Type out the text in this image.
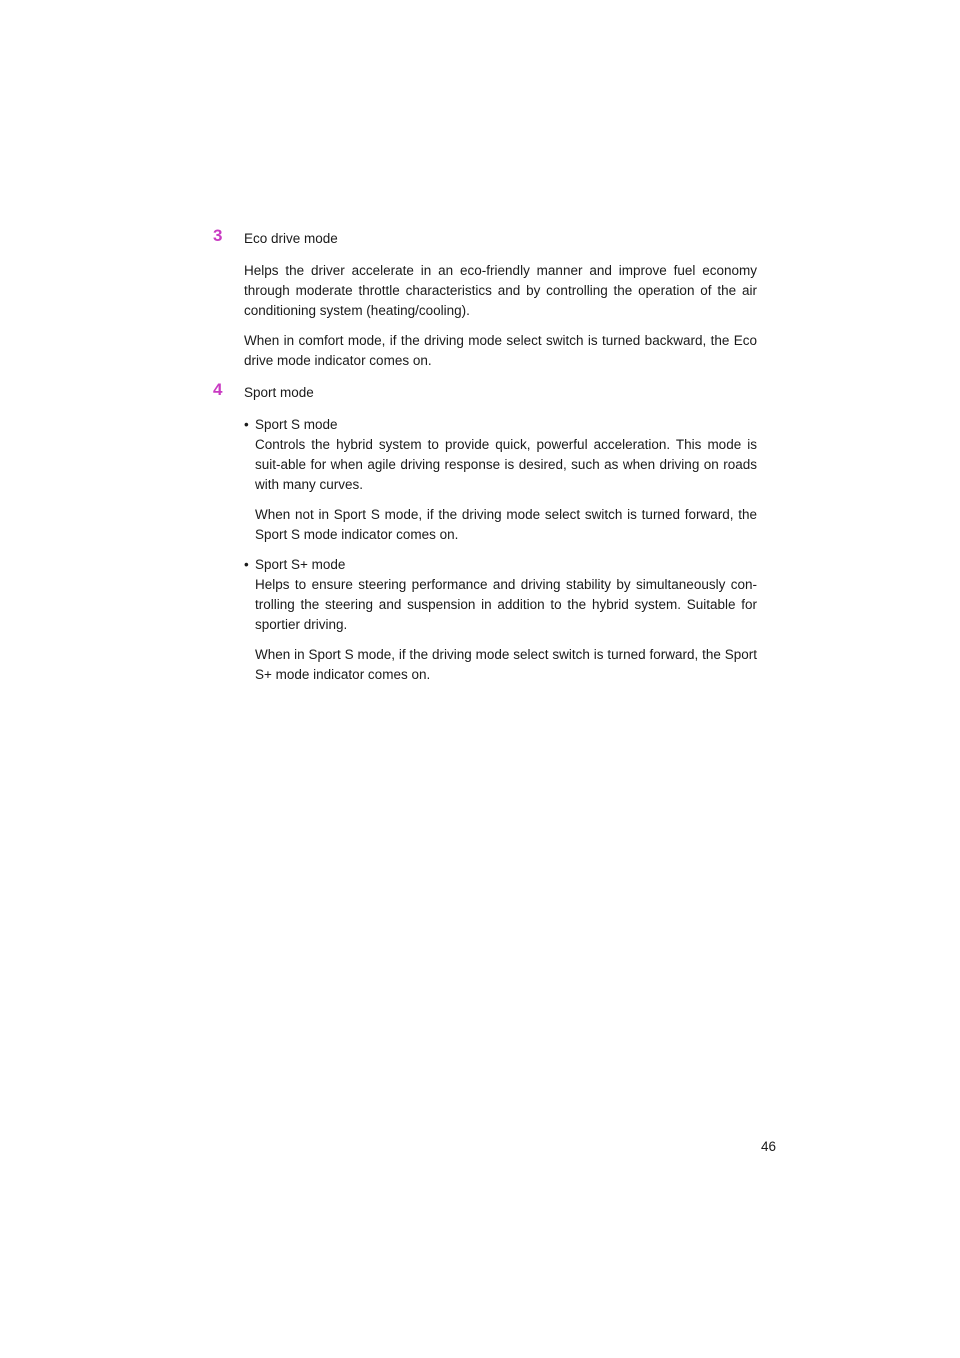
3 Eco drive mode

Helps the driver accelerate in an eco-friendly manner and improve fuel economy through moderate throttle characteristics and by controlling the operation of the air conditioning system (heating/cooling).

When in comfort mode, if the driving mode select switch is turned backward, the Eco drive mode indicator comes on.

4 Sport mode
• Sport S mode

Controls the hybrid system to provide quick, powerful acceleration. This mode is suit-able for when agile driving response is desired, such as when driving on roads with many curves.

When not in Sport S mode, if the driving mode select switch is turned forward, the Sport S mode indicator comes on.

• Sport S+ mode

Helps to ensure steering performance and driving stability by simultaneously con-trolling the steering and suspension in addition to the hybrid system. Suitable for sportier driving.

When in Sport S mode, if the driving mode select switch is turned forward, the Sport S+ mode indicator comes on.

46
